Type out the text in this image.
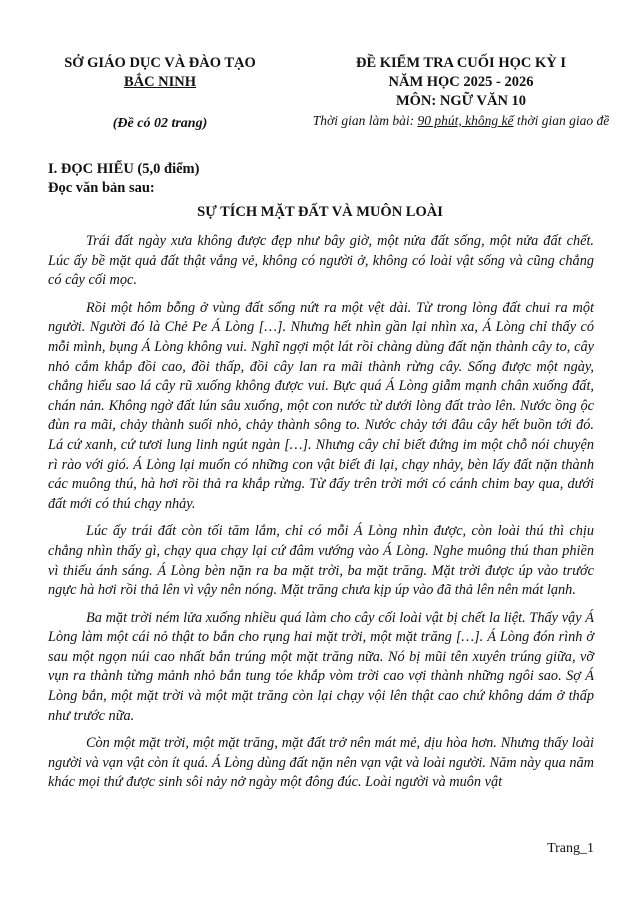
SỞ GIÁO DỤC VÀ ĐÀO TẠO
BẮC NINH
(Đề có 02 trang)
ĐỀ KIỂM TRA CUỐI HỌC KỲ I
NĂM HỌC 2025 - 2026
MÔN: NGỮ VĂN 10
Thời gian làm bài: 90 phút, không kể thời gian giao đề
I. ĐỌC HIỂU (5,0 điểm)
Đọc văn bản sau:
SỰ TÍCH MẶT ĐẤT VÀ MUÔN LOÀI

Trái đất ngày xưa không được đẹp như bây giờ, một nửa đất sống, một nửa đất chết. Lúc ấy bề mặt quả đất thật vắng vẻ, không có người ở, không có loài vật sống và cũng chẳng có cây cối mọc.

Rồi một hôm bỗng ở vùng đất sống nứt ra một vệt dài. Từ trong lòng đất chui ra một người. Người đó là Chẻ Pe Á Lòng […]. Nhưng hết nhìn gần lại nhìn xa, Á Lòng chỉ thấy có mỗi mình, bụng Á Lòng không vui. Nghĩ ngợi một lát rồi chàng dùng đất nặn thành cây to, cây nhỏ cắm khắp đồi cao, đồi thấp, đồi cây lan ra mãi thành rừng cây. Sống được một ngày, chẳng hiểu sao lá cây rũ xuống không được vui. Bực quá Á Lòng giẫm mạnh chân xuống đất, chán nản. Không ngờ đất lún sâu xuống, một con nước từ dưới lòng đất trào lên. Nước ồng ộc đùn ra mãi, chảy thành suối nhỏ, chảy thành sông to. Nước chảy tới đâu cây hết buồn tới đó. Lá cứ xanh, cứ tươi lung linh ngút ngàn […]. Nhưng cây chỉ biết đứng im một chỗ nói chuyện rì rào với gió. Á Lòng lại muốn có những con vật biết đi lại, chạy nhảy, bèn lấy đất nặn thành các muông thú, hà hơi rồi thả ra khắp rừng. Từ đấy trên trời mới có cánh chim bay qua, dưới đất mới có thú chạy nhảy.

Lúc ấy trái đất còn tối tăm lắm, chỉ có mỗi Á Lòng nhìn được, còn loài thú thì chịu chẳng nhìn thấy gì, chạy qua chạy lại cứ đâm vướng vào Á Lòng. Nghe muông thú than phiền vì thiếu ánh sáng. Á Lòng bèn nặn ra ba mặt trời, ba mặt trăng. Mặt trời được úp vào trước ngực hà hơi rồi thả lên vì vậy nên nóng. Mặt trăng chưa kịp úp vào đã thả lên nên mát lạnh.

Ba mặt trời ném lửa xuống nhiều quá làm cho cây cối loài vật bị chết la liệt. Thấy vậy Á Lòng làm một cái nỏ thật to bắn cho rụng hai mặt trời, một mặt trăng […]. Á Lòng đón rình ở sau một ngọn núi cao nhất bắn trúng một mặt trăng nữa. Nó bị mũi tên xuyên trúng giữa, vỡ vụn ra thành từng mảnh nhỏ bắn tung tóe khắp vòm trời cao vợi thành những ngôi sao. Sợ Á Lòng bắn, một mặt trời và một mặt trăng còn lại chạy vội lên thật cao chứ không dám ở thấp như trước nữa.

Còn một mặt trời, một mặt trăng, mặt đất trở nên mát mẻ, dịu hòa hơn. Nhưng thấy loài người và vạn vật còn ít quá. Á Lòng dùng đất nặn nên vạn vật và loài người. Năm này qua năm khác mọi thứ được sinh sôi nảy nở ngày một đông đúc. Loài người và muôn vật

Trang_1
